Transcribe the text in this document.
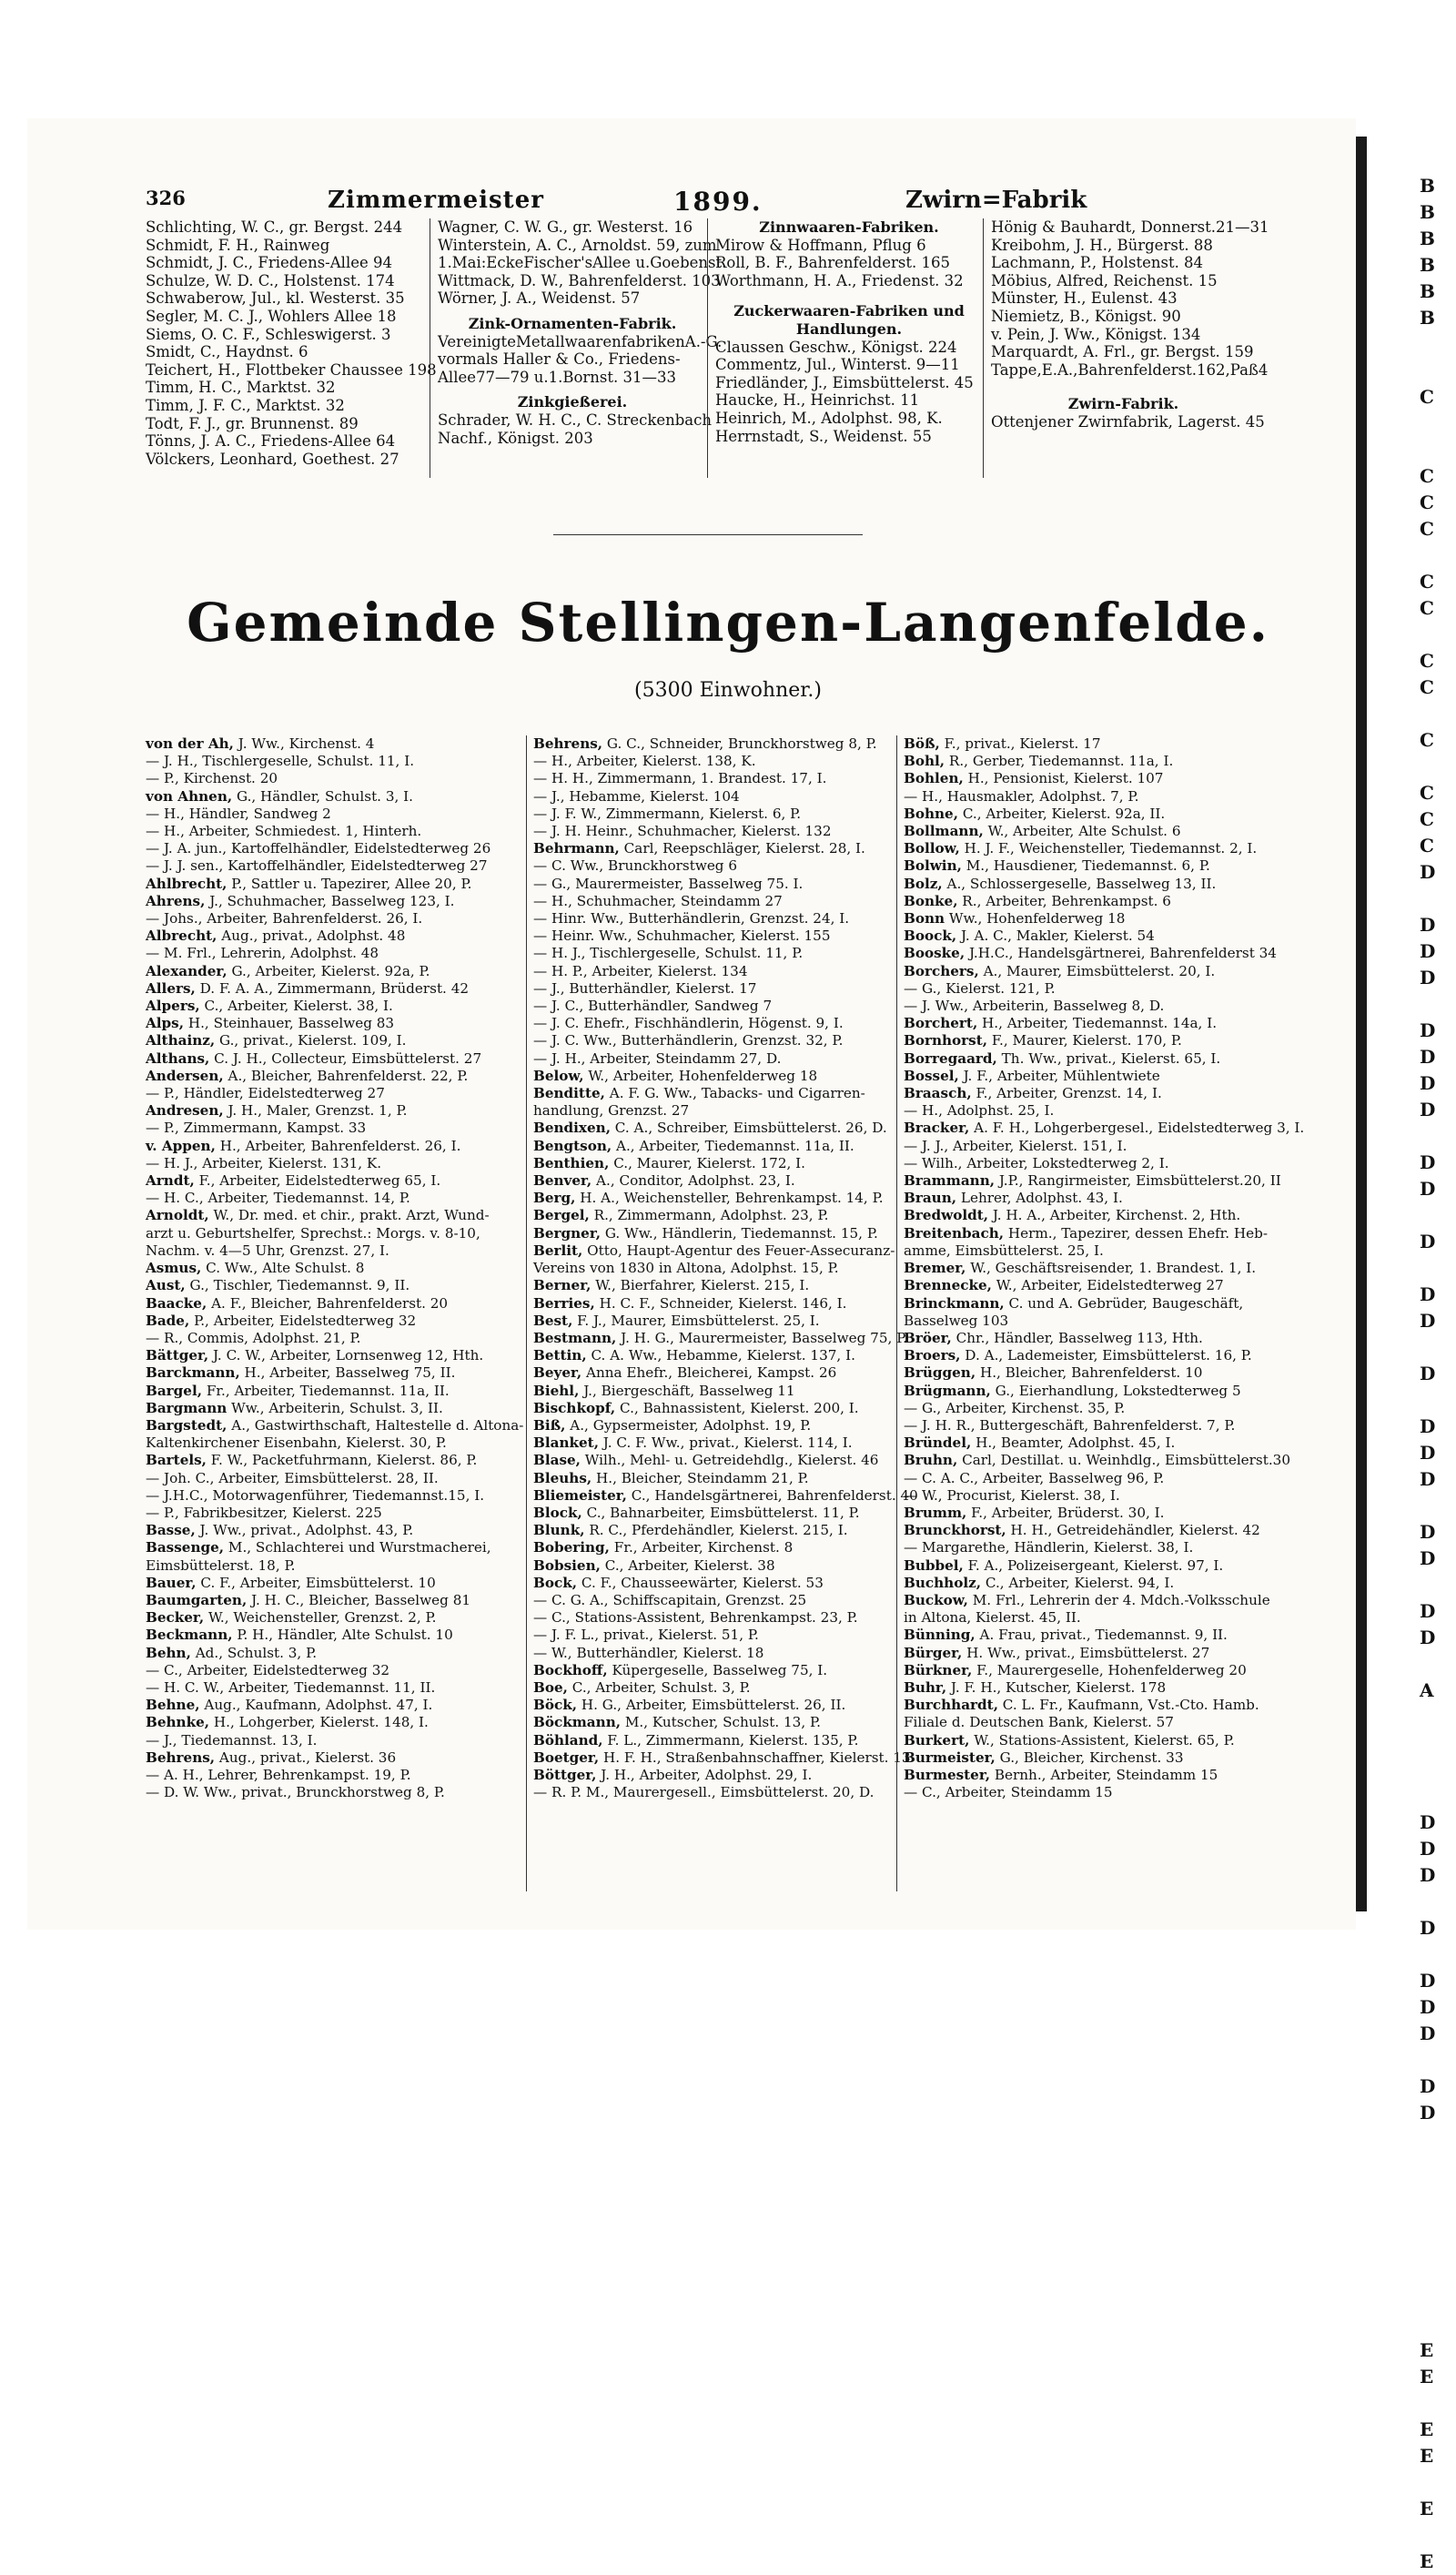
B
B
B
B
B
B
C
C
C
C
C
C
C
C
C
C
C
C
D
D
D
D
D
D
D
D
D
D
D
D
D
D
D
D
D
D
D
D
D
A
D
D
D
D
D
D
D
D
D
E
E
E
E
E
E
326	Zimmermeister	1899.	Zwirn=Fabrik
Schlichting, W. C., gr. Bergst. 244
Schmidt, F. H., Rainweg
Schmidt, J. C., Friedens-Allee 94
Schulze, W. D. C., Holstenst. 174
Schwaberow, Jul., kl. Westerst. 35
Segler, M. C. J., Wohlers Allee 18
Siems, O. C. F., Schleswigerst. 3
Smidt, C., Haydnst. 6
Teichert, H., Flottbeker Chaussee 198
Timm, H. C., Marktst. 32
Timm, J. F. C., Marktst. 32
Todt, F. J., gr. Brunnenst. 89
Tönns, J. A. C., Friedens-Allee 64
Völckers, Leonhard, Goethest. 27
Wagner, C. W. G., gr. Westerst. 16
Winterstein, A. C., Arnoldst. 59, zum
1.Mai:EckeFischer'sAllee u.Goebenst.
Wittmack, D. W., Bahrenfelderst. 103
Wörner, J. A., Weidenst. 57
Zink-Ornamenten-Fabrik.
VereinigteMetallwaarenfabrikenA.-G.
vormals Haller & Co., Friedens-
Allee77—79 u.1.Bornst. 31—33
Zinkgießerei.
Schrader, W. H. C., C. Streckenbach
Nachf., Königst. 203
Zinnwaaren-Fabriken.
Mirow & Hoffmann, Pflug 6
Roll, B. F., Bahrenfelderst. 165
Worthmann, H. A., Friedenst. 32
Zuckerwaaren-Fabriken und
Handlungen.
Claussen Geschw., Königst. 224
Commentz, Jul., Winterst. 9—11
Friedländer, J., Eimsbüttelerst. 45
Haucke, H., Heinrichst. 11
Heinrich, M., Adolphst. 98, K.
Herrnstadt, S., Weidenst. 55
Hönig & Bauhardt, Donnerst.21—31
Kreibohm, J. H., Bürgerst. 88
Lachmann, P., Holstenst. 84
Möbius, Alfred, Reichenst. 15
Münster, H., Eulenst. 43
Niemietz, B., Königst. 90
v. Pein, J. Ww., Königst. 134
Marquardt, A. Frl., gr. Bergst. 159
Tappe,E.A.,Bahrenfelderst.162,Paß4
Zwirn-Fabrik.
Ottenjener Zwirnfabrik, Lagerst. 45
Gemeinde Stellingen-Langenfelde.
(5300 Einwohner.)
von der Ah, J. Ww., Kirchenst. 4
— J. H., Tischlergeselle, Schulst. 11, I.
— P., Kirchenst. 20
von Ahnen, G., Händler, Schulst. 3, I.
— H., Händler, Sandweg 2
— H., Arbeiter, Schmiedest. 1, Hinterh.
— J. A. jun., Kartoffelhändler, Eidelstedterweg 26
— J. J. sen., Kartoffelhändler, Eidelstedterweg 27
Ahlbrecht, P., Sattler u. Tapezirer, Allee 20, P.
Ahrens, J., Schuhmacher, Basselweg 123, I.
— Johs., Arbeiter, Bahrenfelderst. 26, I.
Albrecht, Aug., privat., Adolphst. 48
— M. Frl., Lehrerin, Adolphst. 48
Alexander, G., Arbeiter, Kielerst. 92a, P.
Allers, D. F. A. A., Zimmermann, Brüderst. 42
Alpers, C., Arbeiter, Kielerst. 38, I.
Alps, H., Steinhauer, Basselweg 83
Althainz, G., privat., Kielerst. 109, I.
Althans, C. J. H., Collecteur, Eimsbüttelerst. 27
Andersen, A., Bleicher, Bahrenfelderst. 22, P.
— P., Händler, Eidelstedterweg 27
Andresen, J. H., Maler, Grenzst. 1, P.
— P., Zimmermann, Kampst. 33
v. Appen, H., Arbeiter, Bahrenfelderst. 26, I.
— H. J., Arbeiter, Kielerst. 131, K.
Arndt, F., Arbeiter, Eidelstedterweg 65, I.
— H. C., Arbeiter, Tiedemannst. 14, P.
Arnoldt, W., Dr. med. et chir., prakt. Arzt, Wund-
arzt u. Geburtshelfer, Sprechst.: Morgs. v. 8-10,
Nachm. v. 4—5 Uhr, Grenzst. 27, I.
Asmus, C. Ww., Alte Schulst. 8
Aust, G., Tischler, Tiedemannst. 9, II.
Baacke, A. F., Bleicher, Bahrenfelderst. 20
Bade, P., Arbeiter, Eidelstedterweg 32
— R., Commis, Adolphst. 21, P.
Bättger, J. C. W., Arbeiter, Lornsenweg 12, Hth.
Barckmann, H., Arbeiter, Basselweg 75, II.
Bargel, Fr., Arbeiter, Tiedemannst. 11a, II.
Bargmann Ww., Arbeiterin, Schulst. 3, II.
Bargstedt, A., Gastwirthschaft, Haltestelle d. Altona-
Kaltenkirchener Eisenbahn, Kielerst. 30, P.
Bartels, F. W., Packetfuhrmann, Kielerst. 86, P.
— Joh. C., Arbeiter, Eimsbüttelerst. 28, II.
— J.H.C., Motorwagenführer, Tiedemannst.15, I.
— P., Fabrikbesitzer, Kielerst. 225
Basse, J. Ww., privat., Adolphst. 43, P.
Bassenge, M., Schlachterei und Wurstmacherei,
Eimsbüttelerst. 18, P.
Bauer, C. F., Arbeiter, Eimsbüttelerst. 10
Baumgarten, J. H. C., Bleicher, Basselweg 81
Becker, W., Weichensteller, Grenzst. 2, P.
Beckmann, P. H., Händler, Alte Schulst. 10
Behn, Ad., Schulst. 3, P.
— C., Arbeiter, Eidelstedterweg 32
— H. C. W., Arbeiter, Tiedemannst. 11, II.
Behne, Aug., Kaufmann, Adolphst. 47, I.
Behnke, H., Lohgerber, Kielerst. 148, I.
— J., Tiedemannst. 13, I.
Behrens, Aug., privat., Kielerst. 36
— A. H., Lehrer, Behrenkampst. 19, P.
— D. W. Ww., privat., Brunckhorstweg 8, P.
Behrens, G. C., Schneider, Brunckhorstweg 8, P.
— H., Arbeiter, Kielerst. 138, K.
— H. H., Zimmermann, 1. Brandest. 17, I.
— J., Hebamme, Kielerst. 104
— J. F. W., Zimmermann, Kielerst. 6, P.
— J. H. Heinr., Schuhmacher, Kielerst. 132
Behrmann, Carl, Reepschläger, Kielerst. 28, I.
— C. Ww., Brunckhorstweg 6
— G., Maurermeister, Basselweg 75. I.
— H., Schuhmacher, Steindamm 27
— Hinr. Ww., Butterhändlerin, Grenzst. 24, I.
— Heinr. Ww., Schuhmacher, Kielerst. 155
— H. J., Tischlergeselle, Schulst. 11, P.
— H. P., Arbeiter, Kielerst. 134
— J., Butterhändler, Kielerst. 17
— J. C., Butterhändler, Sandweg 7
— J. C. Ehefr., Fischhändlerin, Högenst. 9, I.
— J. C. Ww., Butterhändlerin, Grenzst. 32, P.
— J. H., Arbeiter, Steindamm 27, D.
Below, W., Arbeiter, Hohenfelderweg 18
Benditte, A. F. G. Ww., Tabacks- und Cigarren-
handlung, Grenzst. 27
Bendixen, C. A., Schreiber, Eimsbüttelerst. 26, D.
Bengtson, A., Arbeiter, Tiedemannst. 11a, II.
Benthien, C., Maurer, Kielerst. 172, I.
Benver, A., Conditor, Adolphst. 23, I.
Berg, H. A., Weichensteller, Behrenkampst. 14, P.
Bergel, R., Zimmermann, Adolphst. 23, P.
Bergner, G. Ww., Händlerin, Tiedemannst. 15, P.
Berlit, Otto, Haupt-Agentur des Feuer-Assecuranz-
Vereins von 1830 in Altona, Adolphst. 15, P.
Berner, W., Bierfahrer, Kielerst. 215, I.
Berries, H. C. F., Schneider, Kielerst. 146, I.
Best, F. J., Maurer, Eimsbüttelerst. 25, I.
Bestmann, J. H. G., Maurermeister, Basselweg 75, P.
Bettin, C. A. Ww., Hebamme, Kielerst. 137, I.
Beyer, Anna Ehefr., Bleicherei, Kampst. 26
Biehl, J., Biergeschäft, Basselweg 11
Bischkopf, C., Bahnassistent, Kielerst. 200, I.
Biß, A., Gypsermeister, Adolphst. 19, P.
Blanket, J. C. F. Ww., privat., Kielerst. 114, I.
Blase, Wilh., Mehl- u. Getreidehdlg., Kielerst. 46
Bleuhs, H., Bleicher, Steindamm 21, P.
Bliemeister, C., Handelsgärtnerei, Bahrenfelderst. 40
Block, C., Bahnarbeiter, Eimsbüttelerst. 11, P.
Blunk, R. C., Pferdehändler, Kielerst. 215, I.
Bobering, Fr., Arbeiter, Kirchenst. 8
Bobsien, C., Arbeiter, Kielerst. 38
Bock, C. F., Chausseewärter, Kielerst. 53
— C. G. A., Schiffscapitain, Grenzst. 25
— C., Stations-Assistent, Behrenkampst. 23, P.
— J. F. L., privat., Kielerst. 51, P.
— W., Butterhändler, Kielerst. 18
Bockhoff, Küpergeselle, Basselweg 75, I.
Boe, C., Arbeiter, Schulst. 3, P.
Böck, H. G., Arbeiter, Eimsbüttelerst. 26, II.
Böckmann, M., Kutscher, Schulst. 13, P.
Böhland, F. L., Zimmermann, Kielerst. 135, P.
Boetger, H. F. H., Straßenbahnschaffner, Kielerst. 13
Böttger, J. H., Arbeiter, Adolphst. 29, I.
— R. P. M., Maurergesell., Eimsbüttelerst. 20, D.
Böß, F., privat., Kielerst. 17
Bohl, R., Gerber, Tiedemannst. 11a, I.
Bohlen, H., Pensionist, Kielerst. 107
— H., Hausmakler, Adolphst. 7, P.
Bohne, C., Arbeiter, Kielerst. 92a, II.
Bollmann, W., Arbeiter, Alte Schulst. 6
Bollow, H. J. F., Weichensteller, Tiedemannst. 2, I.
Bolwin, M., Hausdiener, Tiedemannst. 6, P.
Bolz, A., Schlossergeselle, Basselweg 13, II.
Bonke, R., Arbeiter, Behrenkampst. 6
Bonn Ww., Hohenfelderweg 18
Boock, J. A. C., Makler, Kielerst. 54
Booske, J.H.C., Handelsgärtnerei, Bahrenfelderst 34
Borchers, A., Maurer, Eimsbüttelerst. 20, I.
— G., Kielerst. 121, P.
— J. Ww., Arbeiterin, Basselweg 8, D.
Borchert, H., Arbeiter, Tiedemannst. 14a, I.
Bornhorst, F., Maurer, Kielerst. 170, P.
Borregaard, Th. Ww., privat., Kielerst. 65, I.
Bossel, J. F., Arbeiter, Mühlentwiete
Braasch, F., Arbeiter, Grenzst. 14, I.
— H., Adolphst. 25, I.
Bracker, A. F. H., Lohgerbergesel., Eidelstedterweg 3, I.
— J. J., Arbeiter, Kielerst. 151, I.
— Wilh., Arbeiter, Lokstedterweg 2, I.
Brammann, J.P., Rangirmeister, Eimsbüttelerst.20, II
Braun, Lehrer, Adolphst. 43, I.
Bredwoldt, J. H. A., Arbeiter, Kirchenst. 2, Hth.
Breitenbach, Herm., Tapezirer, dessen Ehefr. Heb-
amme, Eimsbüttelerst. 25, I.
Bremer, W., Geschäftsreisender, 1. Brandest. 1, I.
Brennecke, W., Arbeiter, Eidelstedterweg 27
Brinckmann, C. und A. Gebrüder, Baugeschäft,
Basselweg 103
Bröer, Chr., Händler, Basselweg 113, Hth.
Broers, D. A., Lademeister, Eimsbüttelerst. 16, P.
Brüggen, H., Bleicher, Bahrenfelderst. 10
Brügmann, G., Eierhandlung, Lokstedterweg 5
— G., Arbeiter, Kirchenst. 35, P.
— J. H. R., Buttergeschäft, Bahrenfelderst. 7, P.
Bründel, H., Beamter, Adolphst. 45, I.
Bruhn, Carl, Destillat. u. Weinhdlg., Eimsbüttelerst.30
— C. A. C., Arbeiter, Basselweg 96, P.
— W., Procurist, Kielerst. 38, I.
Brumm, F., Arbeiter, Brüderst. 30, I.
Brunckhorst, H. H., Getreidehändler, Kielerst. 42
— Margarethe, Händlerin, Kielerst. 38, I.
Bubbel, F. A., Polizeisergeant, Kielerst. 97, I.
Buchholz, C., Arbeiter, Kielerst. 94, I.
Buckow, M. Frl., Lehrerin der 4. Mdch.-Volksschule
in Altona, Kielerst. 45, II.
Bünning, A. Frau, privat., Tiedemannst. 9, II.
Bürger, H. Ww., privat., Eimsbüttelerst. 27
Bürkner, F., Maurergeselle, Hohenfelderweg 20
Buhr, J. F. H., Kutscher, Kielerst. 178
Burchhardt, C. L. Fr., Kaufmann, Vst.-Cto. Hamb.
Filiale d. Deutschen Bank, Kielerst. 57
Burkert, W., Stations-Assistent, Kielerst. 65, P.
Burmeister, G., Bleicher, Kirchenst. 33
Burmester, Bernh., Arbeiter, Steindamm 15
— C., Arbeiter, Steindamm 15
